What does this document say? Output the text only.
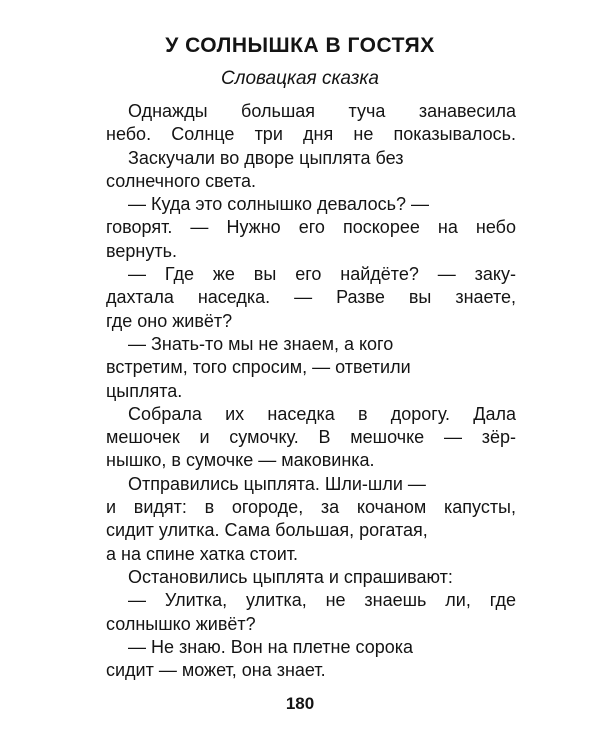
У СОЛНЫШКА В ГОСТЯХ
Словацкая сказка

Однажды большая туча занавесила
небо. Солнце три дня не показывалось.

Заскучали во дворе цыплята без
солнечного света.

— Куда это солнышко девалось? —
говорят. — Нужно его поскорее на небо
вернуть.

— Где же вы его найдёте? — заку-
дахтала наседка. — Разве вы знаете,
где оно живёт?

— Знать-то мы не знаем, а кого
встретим, того спросим, — ответили
цыплята.

Собрала их наседка в дорогу. Дала
мешочек и сумочку. В мешочке — зёр-
нышко, в сумочке — маковинка.

Отправились цыплята. Шли-шли —
и видят: в огороде, за кочаном капусты,
сидит улитка. Сама большая, рогатая,
а на спине хатка стоит.

Остановились цыплята и спрашивают:

— Улитка, улитка, не знаешь ли, где
солнышко живёт?

— Не знаю. Вон на плетне сорока
сидит — может, она знает.

180
